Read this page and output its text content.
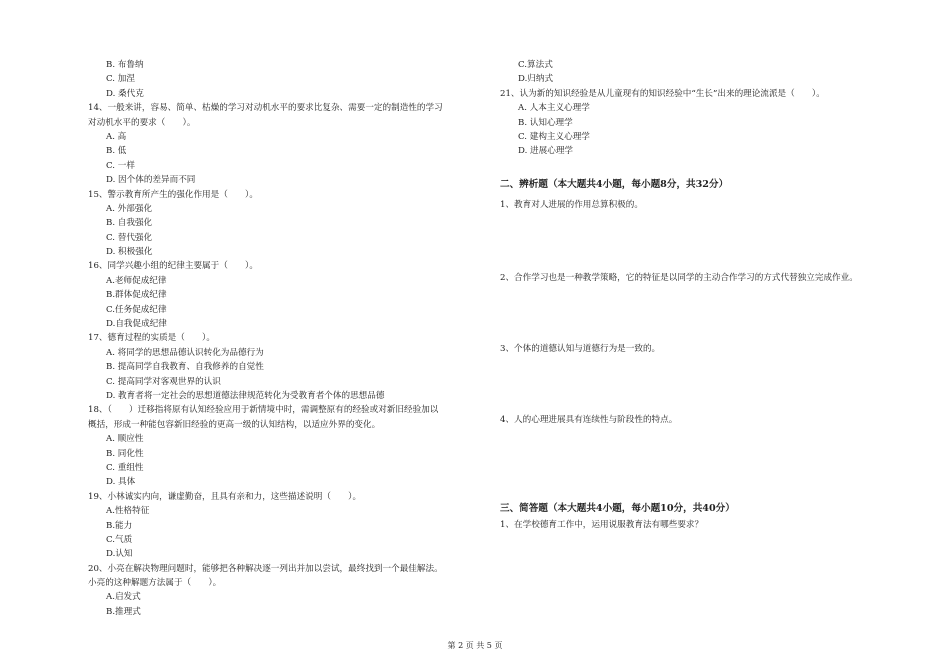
B. 布鲁纳
C. 加涅
D. 桑代克
14、一般来讲，容易、简单、枯燥的学习对动机水平的要求比复杂、需要一定的制造性的学习
对动机水平的要求（　　）。
A. 高
B. 低
C. 一样
D. 因个体的差异而不同
15、警示教育所产生的强化作用是（　　）。
A. 外部强化
B. 自我强化
C. 替代强化
D. 积极强化
16、同学兴趣小组的纪律主要属于（　　）。
A.老师促成纪律
B.群体促成纪律
C.任务促成纪律
D.自我促成纪律
17、德育过程的实质是（　　）。
A. 将同学的思想品德认识转化为品德行为
B. 提高同学自我教育、自我修养的自觉性
C. 提高同学对客观世界的认识
D. 教育者将一定社会的思想道德法律规范转化为受教育者个体的思想品德
18、（　　）迁移指将原有认知经验应用于新情境中时，需调整原有的经验或对新旧经验加以
概括，形成一种能包容新旧经验的更高一级的认知结构，以适应外界的变化。
A. 顺应性
B. 同化性
C. 重组性
D. 具体
19、小林诚实内向，谦虚勤奋，且具有亲和力，这些描述说明（　　）。
A.性格特征
B.能力
C.气质
D.认知
20、小亮在解决物理问题时，能够把各种解决逐一列出并加以尝试，最终找到一个最佳解法。
小亮的这种解题方法属于（　　）。
A.启发式
B.推理式
C.算法式
D.归纳式
21、认为新的知识经验是从儿童现有的知识经验中“生长”出来的理论流派是（　　）。
A. 人本主义心理学
B. 认知心理学
C. 建构主义心理学
D. 进展心理学
二、辨析题（本大题共4小题，每小题8分，共32分）
1、教育对人进展的作用总算积极的。
2、合作学习也是一种教学策略，它的特征是以同学的主动合作学习的方式代替独立完成作业。
3、个体的道德认知与道德行为是一致的。
4、人的心理进展具有连续性与阶段性的特点。
三、简答题（本大题共4小题，每小题10分，共40分）
1、在学校德育工作中，运用说服教育法有哪些要求？
第 2 页 共 5 页
